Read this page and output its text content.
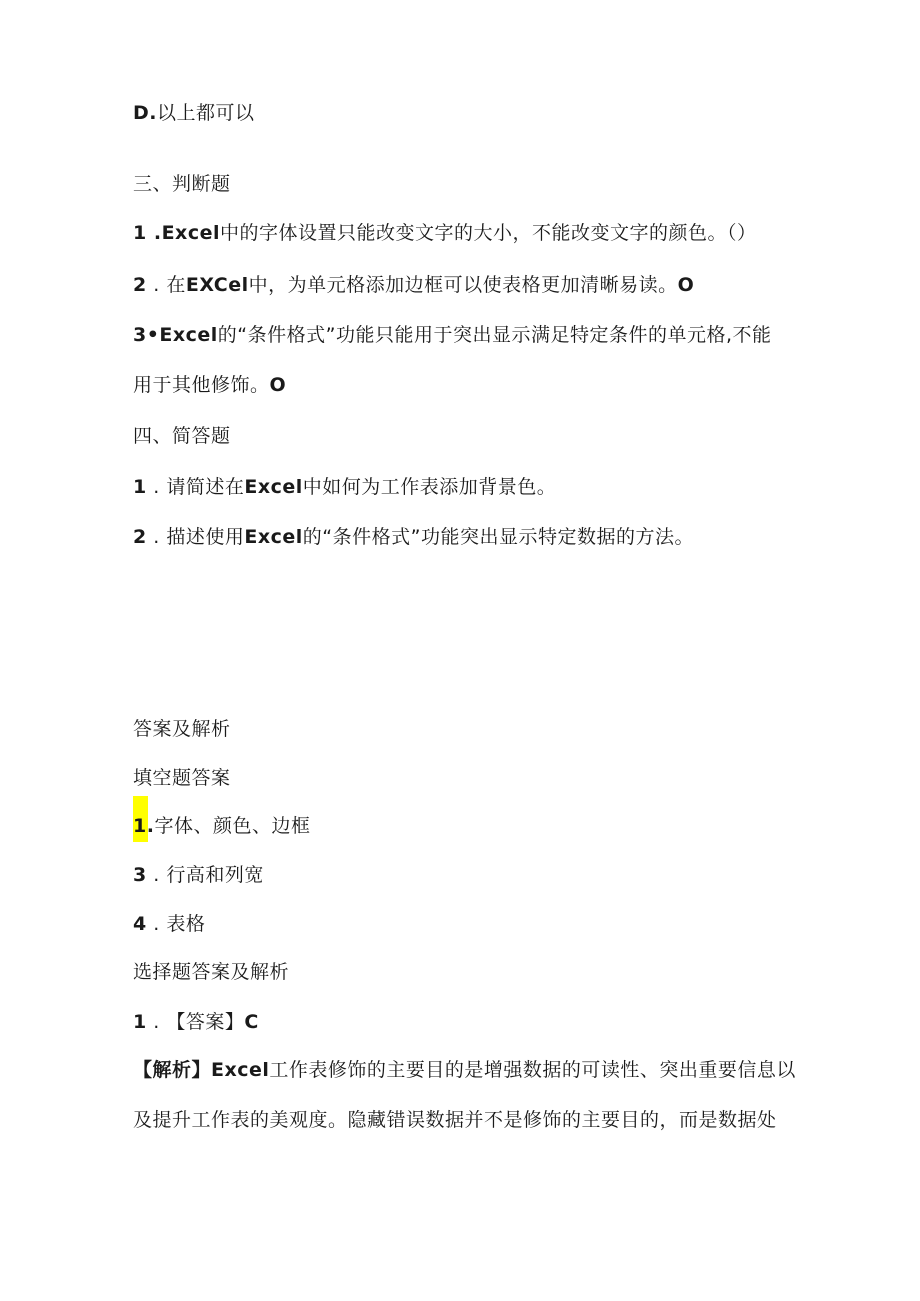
D.以上都可以
三、判断题
1 .Excel中的字体设置只能改变文字的大小，不能改变文字的颜色。（）
2 . 在EXCel中，为单元格添加边框可以使表格更加清晰易读。O
3•Excel的“条件格式”功能只能用于突出显示满足特定条件的单元格,不能
用于其他修饰。O
四、简答题
1 . 请简述在Excel中如何为工作表添加背景色。
2 . 描述使用Excel的“条件格式”功能突出显示特定数据的方法。
答案及解析
填空题答案
1.字体、颜色、边框
3 . 行高和列宽
4 . 表格
选择题答案及解析
1 . 【答案】C
【解析】Excel工作表修饰的主要目的是增强数据的可读性、突出重要信息以
及提升工作表的美观度。隐藏错误数据并不是修饰的主要目的，而是数据处
